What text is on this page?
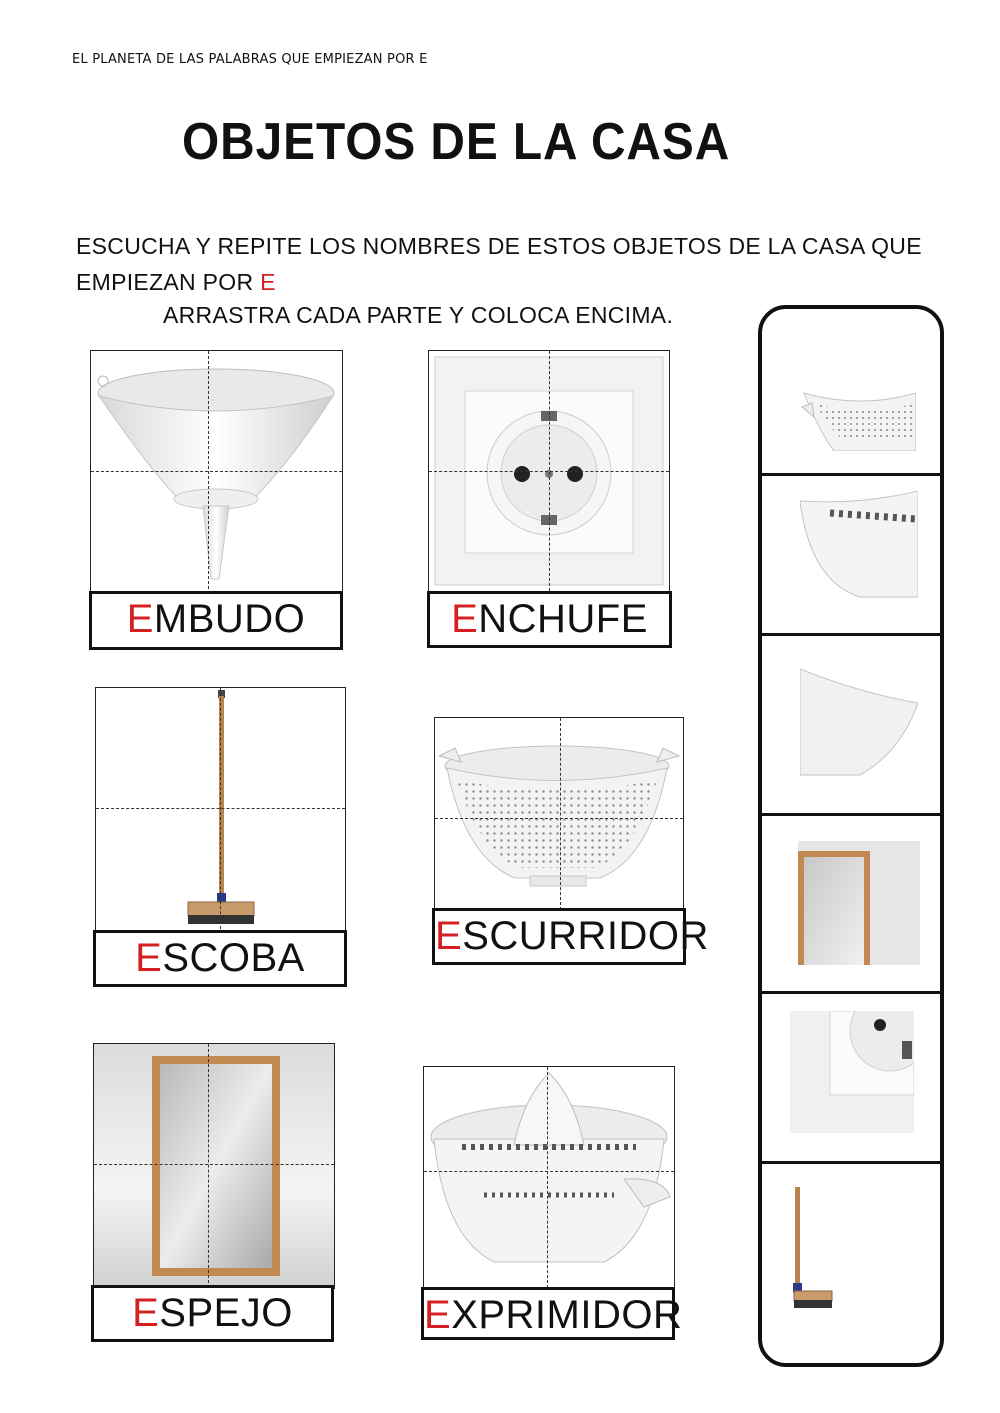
EL PLANETA DE LAS PALABRAS QUE EMPIEZAN POR E
OBJETOS DE LA CASA
ESCUCHA Y REPITE LOS NOMBRES DE ESTOS OBJETOS DE LA CASA QUE EMPIEZAN POR E
ARRASTRA CADA PARTE Y COLOCA ENCIMA.
EMBUDO	ENCHUFE
ESCOBA	ESCURRIDOR
ESPEJO	EXPRIMIDOR
